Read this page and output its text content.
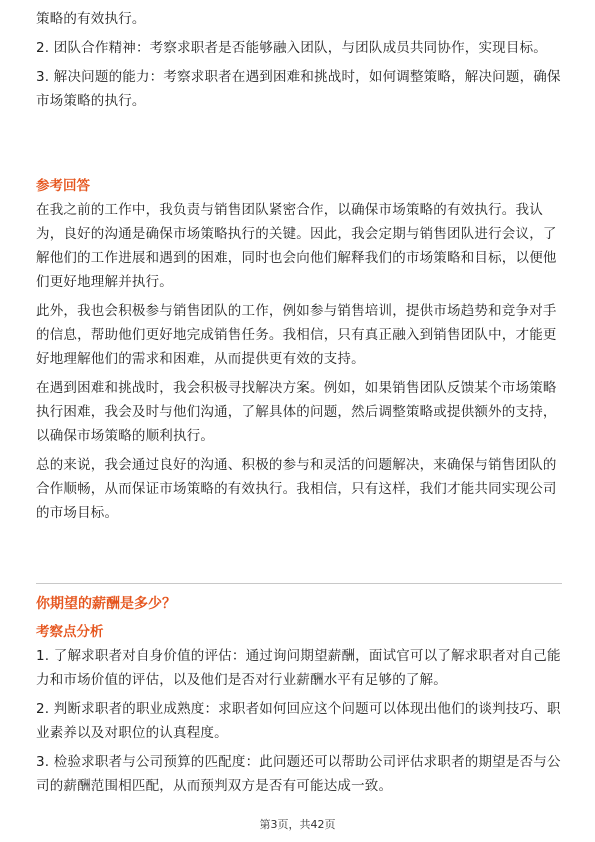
策略的有效执行。
2. 团队合作精神：考察求职者是否能够融入团队，与团队成员共同协作，实现目标。
3. 解决问题的能力：考察求职者在遇到困难和挑战时，如何调整策略，解决问题，确保市场策略的执行。
参考回答
在我之前的工作中，我负责与销售团队紧密合作，以确保市场策略的有效执行。我认为，良好的沟通是确保市场策略执行的关键。因此，我会定期与销售团队进行会议，了解他们的工作进展和遇到的困难，同时也会向他们解释我们的市场策略和目标，以便他们更好地理解并执行。
此外，我也会积极参与销售团队的工作，例如参与销售培训，提供市场趋势和竞争对手的信息，帮助他们更好地完成销售任务。我相信，只有真正融入到销售团队中，才能更好地理解他们的需求和困难，从而提供更有效的支持。
在遇到困难和挑战时，我会积极寻找解决方案。例如，如果销售团队反馈某个市场策略执行困难，我会及时与他们沟通，了解具体的问题，然后调整策略或提供额外的支持，以确保市场策略的顺利执行。
总的来说，我会通过良好的沟通、积极的参与和灵活的问题解决，来确保与销售团队的合作顺畅，从而保证市场策略的有效执行。我相信，只有这样，我们才能共同实现公司的市场目标。
你期望的薪酬是多少？
考察点分析
1. 了解求职者对自身价值的评估：通过询问期望薪酬，面试官可以了解求职者对自己能力和市场价值的评估，以及他们是否对行业薪酬水平有足够的了解。
2. 判断求职者的职业成熟度：求职者如何回应这个问题可以体现出他们的谈判技巧、职业素养以及对职位的认真程度。
3. 检验求职者与公司预算的匹配度：此问题还可以帮助公司评估求职者的期望是否与公司的薪酬范围相匹配，从而预判双方是否有可能达成一致。
第3页，共42页
